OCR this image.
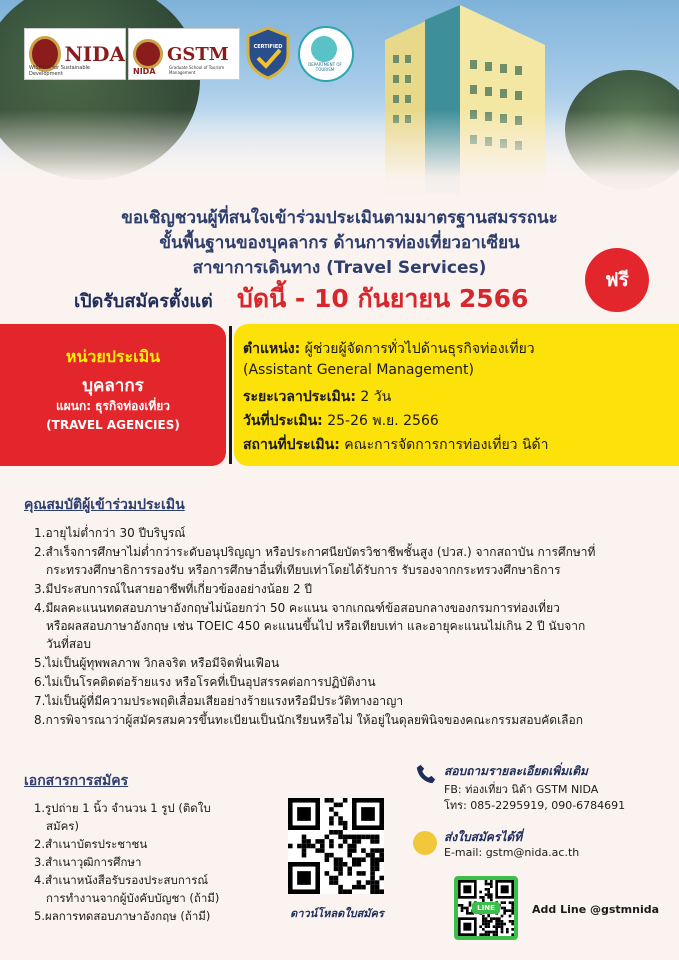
NIDA
WISDOM for Sustainable Development
GSTM
NIDA	Graduate School of Tourism Management
CERTIFIED
DEPARTMENT OF TOURISM
ขอเชิญชวนผู้ที่สนใจเข้าร่วมประเมินตามมาตรฐานสมรรถนะ
ขั้นพื้นฐานของบุคลากร ด้านการท่องเที่ยวอาเซียน
สาขาการเดินทาง (Travel Services)
เปิดรับสมัครตั้งแต่ บัดนี้ - 10 กันยายน 2566
ฟรี
หน่วยประเมิน
บุคลากร
แผนก: ธุรกิจท่องเที่ยว
(TRAVEL AGENCIES)
ตำแหน่ง: ผู้ช่วยผู้จัดการทั่วไปด้านธุรกิจท่องเที่ยว
(Assistant General Management)
ระยะเวลาประเมิน: 2 วัน
วันที่ประเมิน: 25-26 พ.ย. 2566
สถานที่ประเมิน: คณะการจัดการการท่องเที่ยว นิด้า
คุณสมบัติผู้เข้าร่วมประเมิน
1.อายุไม่ต่ำกว่า 30 ปีบริบูรณ์
2.สำเร็จการศึกษาไม่ต่ำกว่าระดับอนุปริญญา หรือประกาศนียบัตรวิชาชีพชั้นสูง (ปวส.) จากสถาบัน การศึกษาที่
กระทรวงศึกษาธิการรองรับ หรือการศึกษาอื่นที่เทียบเท่าโดยได้รับการ รับรองจากกระทรวงศึกษาธิการ
3.มีประสบการณ์ในสายอาชีพที่เกี่ยวข้องอย่างน้อย 2 ปี
4.มีผลคะแนนทดสอบภาษาอังกฤษไม่น้อยกว่า 50 คะแนน จากเกณฑ์ข้อสอบกลางของกรมการท่องเที่ยว
หรือผลสอบภาษาอังกฤษ เช่น TOEIC 450 คะแนนขึ้นไป หรือเทียบเท่า และอายุคะแนนไม่เกิน 2 ปี นับจาก
วันที่สอบ
5.ไม่เป็นผู้ทุพพลภาพ วิกลจริต หรือมีจิตฟั่นเฟือน
6.ไม่เป็นโรคติดต่อร้ายแรง หรือโรคที่เป็นอุปสรรคต่อการปฏิบัติงาน
7.ไม่เป็นผู้ที่มีความประพฤติเสื่อมเสียอย่างร้ายแรงหรือมีประวัติทางอาญา
8.การพิจารณาว่าผู้สมัครสมควรขึ้นทะเบียนเป็นนักเรียนหรือไม่ ให้อยู่ในดุลยพินิจของคณะกรรมสอบคัดเลือก
เอกสารการสมัคร
1.รูปถ่าย 1 นิ้ว จำนวน 1 รูป (ติดใบ
สมัคร)
2.สำเนาบัตรประชาชน
3.สำเนาวุฒิการศึกษา
4.สำเนาหนังสือรับรองประสบการณ์
การทำงานจากผู้บังคับบัญชา (ถ้ามี)
5.ผลการทดสอบภาษาอังกฤษ (ถ้ามี)	ดาวน์โหลดใบสมัคร
สอบถามรายละเอียดเพิ่มเติม
FB: ท่องเที่ยว นิด้า GSTM NIDA
โทร: 085-2295919, 090-6784691
ส่งใบสมัครได้ที่
E-mail: gstm@nida.ac.th
LINE	Add Line @gstmnida
